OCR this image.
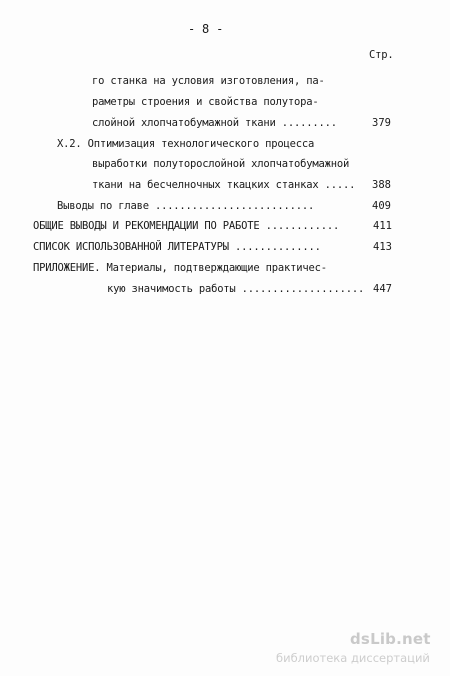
- 8 -
Стр.
го станка на условия изготовления, па-
раметры строения и свойства полутора-
слойной хлопчатобумажной ткани .........	379
Х.2. Оптимизация технологического процесса
выработки полуторослойной хлопчатобумажной
ткани на бесчелночных ткацких станках ..... 388
Выводы по главе ..........................	409
ОБЩИЕ ВЫВОДЫ И РЕКОМЕНДАЦИИ ПО РАБОТЕ ............	411
СПИСОК ИСПОЛЬЗОВАННОЙ ЛИТЕРАТУРЫ ..............	413
ПРИЛОЖЕНИЕ. Материалы, подтверждающие практичес-
кую значимость работы .................... 447
dsLib.net
библиотека диссертаций
